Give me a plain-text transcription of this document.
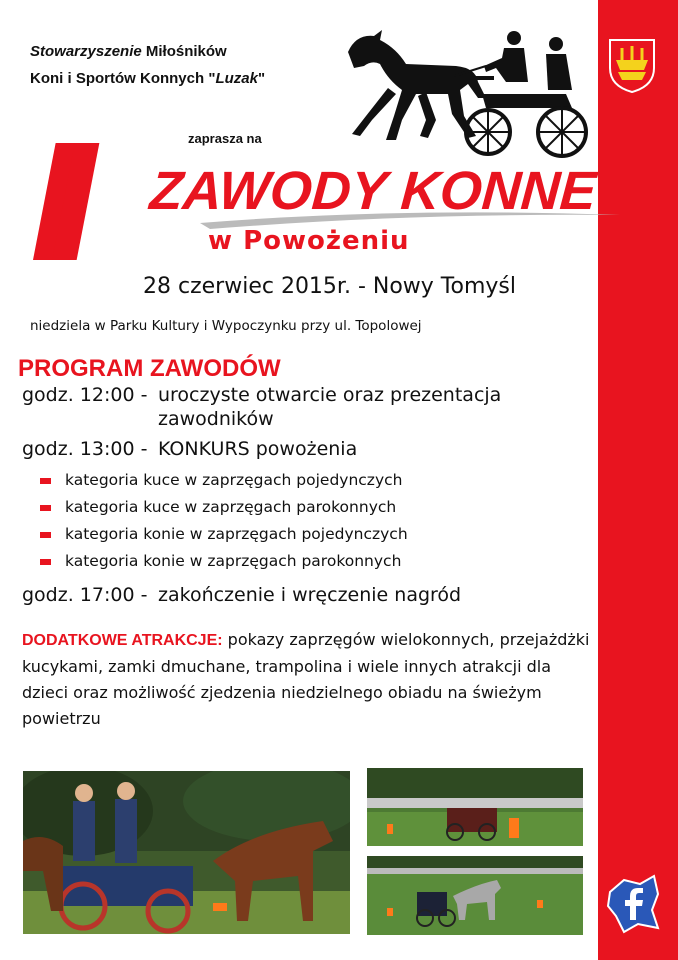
Stowarzyszenie Miłośników
Koni i Sportów Konnych "Luzak"
II	zaprasza na
ZAWODY KONNE
w Powożeniu
28 czerwiec 2015r. - Nowy Tomyśl
niedziela w Parku Kultury i Wypoczynku przy ul. Topolowej
PROGRAM ZAWODÓW
godz. 12:00 - uroczyste otwarcie oraz prezentacja zawodników
godz. 13:00 - KONKURS powożenia
kategoria kuce w zaprzęgach pojedynczych
kategoria kuce w zaprzęgach parokonnych
kategoria konie w zaprzęgach pojedynczych
kategoria konie w zaprzęgach parokonnych
godz. 17:00 - zakończenie i wręczenie nagród
DODATKOWE ATRAKCJE: pokazy zaprzęgów wielokonnych, przejażdżki kucykami, zamki dmuchane, trampolina i wiele innych atrakcji dla dzieci oraz możliwość zjedzenia niedzielnego obiadu na świeżym powietrzu
